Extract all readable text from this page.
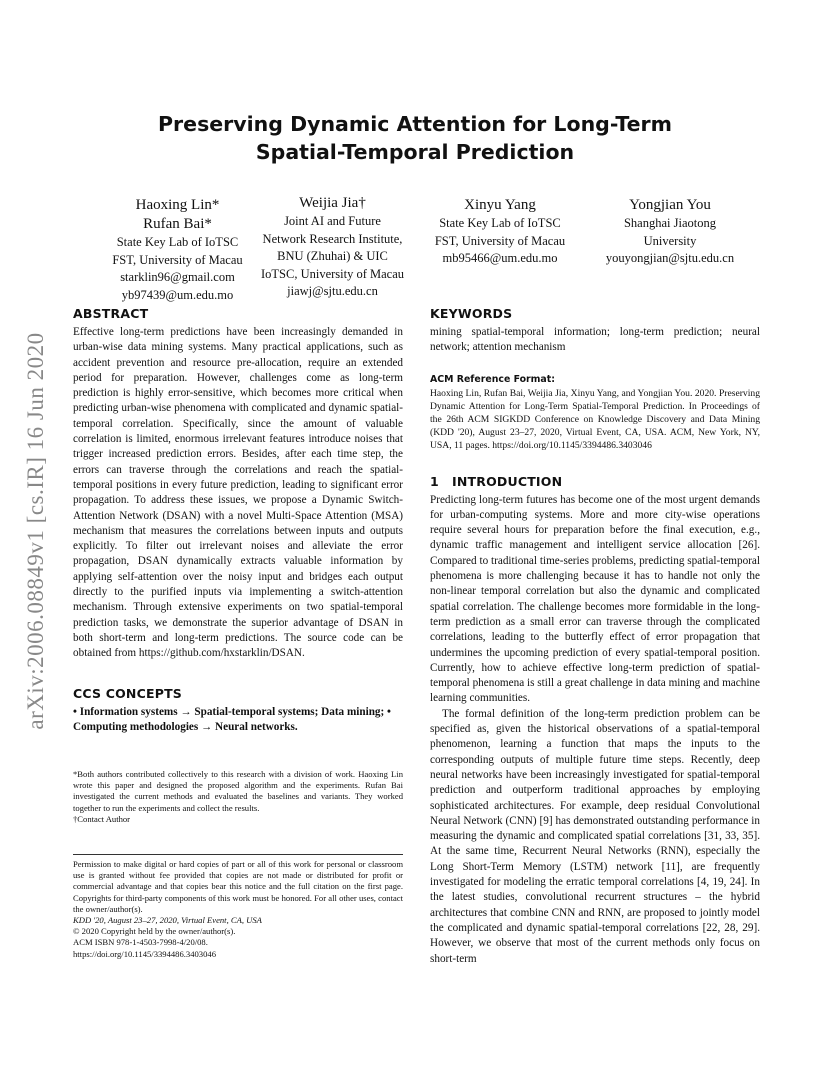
arXiv:2006.08849v1 [cs.IR] 16 Jun 2020
Preserving Dynamic Attention for Long-Term
Spatial-Temporal Prediction
Haoxing Lin*
Rufan Bai*
State Key Lab of IoTSC
FST, University of Macau
starklin96@gmail.com
yb97439@um.edu.mo
Weijia Jia†
Joint AI and Future
Network Research Institute,
BNU (Zhuhai) & UIC
IoTSC, University of Macau
jiawj@sjtu.edu.cn
Xinyu Yang
State Key Lab of IoTSC
FST, University of Macau
mb95466@um.edu.mo
Yongjian You
Shanghai Jiaotong
University
youyongjian@sjtu.edu.cn
ABSTRACT

Effective long-term predictions have been increasingly demanded in urban-wise data mining systems. Many practical applications, such as accident prevention and resource pre-allocation, require an extended period for preparation. However, challenges come as long-term prediction is highly error-sensitive, which becomes more critical when predicting urban-wise phenomena with complicated and dynamic spatial-temporal correlation. Specifically, since the amount of valuable correlation is limited, enormous irrelevant features introduce noises that trigger increased prediction errors. Besides, after each time step, the errors can traverse through the correlations and reach the spatial-temporal positions in every future prediction, leading to significant error propagation. To address these issues, we propose a Dynamic Switch-Attention Network (DSAN) with a novel Multi-Space Attention (MSA) mechanism that measures the correlations between inputs and outputs explicitly. To filter out irrelevant noises and alleviate the error propagation, DSAN dynamically extracts valuable information by applying self-attention over the noisy input and bridges each output directly to the purified inputs via implementing a switch-attention mechanism. Through extensive experiments on two spatial-temporal prediction tasks, we demonstrate the superior advantage of DSAN in both short-term and long-term predictions. The source code can be obtained from https://github.com/hxstarklin/DSAN.

CCS CONCEPTS
• Information systems → Spatial-temporal systems; Data mining; • Computing methodologies → Neural networks.
*Both authors contributed collectively to this research with a division of work. Haoxing Lin wrote this paper and designed the proposed algorithm and the experiments. Rufan Bai investigated the current methods and evaluated the baselines and variants. They worked together to run the experiments and collect the results.
†Contact Author
Permission to make digital or hard copies of part or all of this work for personal or classroom use is granted without fee provided that copies are not made or distributed for profit or commercial advantage and that copies bear this notice and the full citation on the first page. Copyrights for third-party components of this work must be honored. For all other uses, contact the owner/author(s).
KDD '20, August 23–27, 2020, Virtual Event, CA, USA
© 2020 Copyright held by the owner/author(s).
ACM ISBN 978-1-4503-7998-4/20/08.
https://doi.org/10.1145/3394486.3403046
KEYWORDS

mining spatial-temporal information; long-term prediction; neural network; attention mechanism

ACM Reference Format:
Haoxing Lin, Rufan Bai, Weijia Jia, Xinyu Yang, and Yongjian You. 2020. Preserving Dynamic Attention for Long-Term Spatial-Temporal Prediction. In Proceedings of the 26th ACM SIGKDD Conference on Knowledge Discovery and Data Mining (KDD '20), August 23–27, 2020, Virtual Event, CA, USA. ACM, New York, NY, USA, 11 pages. https://doi.org/10.1145/3394486.3403046
1 INTRODUCTION

Predicting long-term futures has become one of the most urgent demands for urban-computing systems. More and more city-wise operations require several hours for preparation before the final execution, e.g., dynamic traffic management and intelligent service allocation [26]. Compared to traditional time-series problems, predicting spatial-temporal phenomena is more challenging because it has to handle not only the non-linear temporal correlation but also the dynamic and complicated spatial correlation. The challenge becomes more formidable in the long-term prediction as a small error can traverse through the complicated correlations, leading to the butterfly effect of error propagation that undermines the upcoming prediction of every spatial-temporal position. Currently, how to achieve effective long-term prediction of spatial-temporal phenomena is still a great challenge in data mining and machine learning communities.

The formal definition of the long-term prediction problem can be specified as, given the historical observations of a spatial-temporal phenomenon, learning a function that maps the inputs to the corresponding outputs of multiple future time steps. Recently, deep neural networks have been increasingly investigated for spatial-temporal prediction and outperform traditional approaches by employing sophisticated architectures. For example, deep residual Convolutional Neural Network (CNN) [9] has demonstrated outstanding performance in measuring the dynamic and complicated spatial correlations [31, 33, 35]. At the same time, Recurrent Neural Networks (RNN), especially the Long Short-Term Memory (LSTM) network [11], are frequently investigated for modeling the erratic temporal correlations [4, 19, 24]. In the latest studies, convolutional recurrent structures – the hybrid architectures that combine CNN and RNN, are proposed to jointly model the complicated and dynamic spatial-temporal correlations [22, 28, 29]. However, we observe that most of the current methods only focus on short-term
